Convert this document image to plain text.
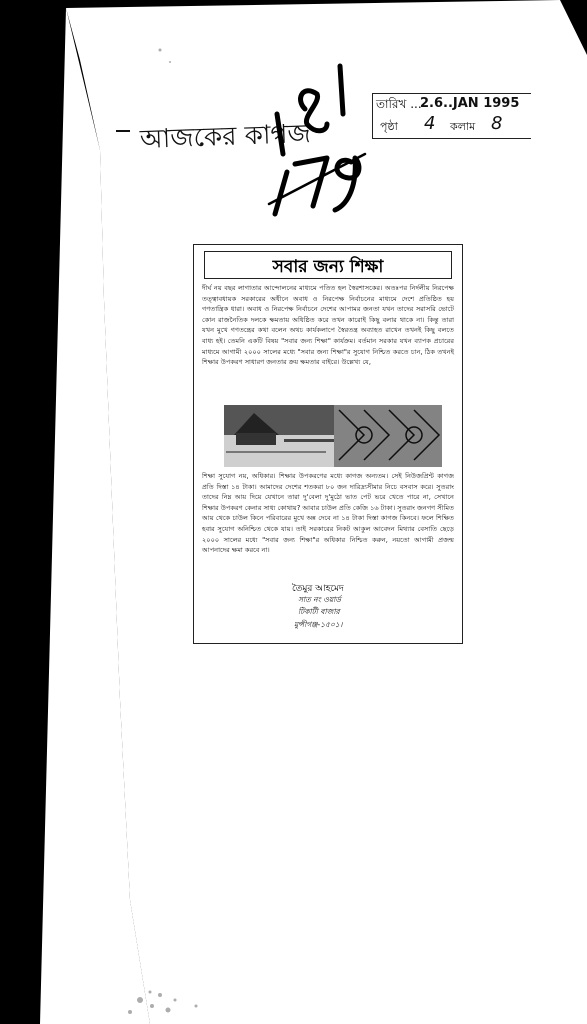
আজকের কাগজ
তারিখ ...
2.6..JAN 1995
পৃষ্ঠা 4 কলাম 8
সবার জন্য শিক্ষা
দীর্ঘ নয় বছর লাগাতার আন্দোলনের মাধ্যমে পতিত হল স্বৈরশাসকের। অতঃপর নির্দলীয় নিরপেক্ষ তত্ত্বাবধায়ক সরকারের অধীনে অবাধ ও নিরপেক্ষ নির্বাচনের মাধ্যমে দেশে প্রতিষ্ঠিত হয় গণতান্ত্রিক ধারা। অবাধ ও নিরপেক্ষ নির্বাচনে দেশের আপামর জনতা যখন তাদের সরাসরি ভোটে কোন রাজনৈতিক দলকে ক্ষমতায় অধিষ্ঠিত করে তখন কারোই কিছু বলার থাকে না। কিন্তু তারা যখন মুখে গণতন্ত্রের কথা বলেন অথচ কার্যকলাপে স্বৈরতন্ত্র অব্যাহত রাখেন তখনই কিছু বলতে বাধ্য হই। তেমনি একটি বিষয় "সবার জন্য শিক্ষা" কার্যক্রম। বর্তমান সরকার যখন ব্যাপক প্রচারের মাধ্যমে আগামী ২০০০ সালের মধ্যে "সবার জন্য শিক্ষা"র সুযোগ নিশ্চিত করতে চান, ঠিক তখনই শিক্ষার উপকরণ সাধারণ জনতার ক্রয় ক্ষমতার বাইরে। উল্লেখ্য যে,
শিক্ষা সুযোগ নয়, অধিকার। শিক্ষার উপকরণের মধ্যে কাগজ অন্যতম। সেই নিউজপ্রিন্ট কাগজ প্রতি দিস্তা ১৪ টাকা। আমাদের দেশের শতকরা ৮০ জন দারিদ্র্যসীমার নিচে বসবাস করে। সুতরাং তাদের নিম্ন আয় দিয়ে যেখানে তারা দু'বেলা দু'মুঠো ভাত পেট ভরে খেতে পারে না, সেখানে শিক্ষার উপকরণ কেনার সাধ্য কোথায়? আবার চাউল প্রতি কেজি ১৬ টাকা। সুতরাং জনগণ সীমিত আয় থেকে চাউল কিনে পরিবারের মুখে অন্ন দেবে না ১৪ টাকা দিস্তা কাগজ কিনবে। ফলে শিক্ষিত হবার সুযোগ অনিশ্চিত থেকে যায়। তাই সরকারের নিকট আকুল আবেদন মিথ্যার বেসাতি ছেড়ে ২০০০ সালের মধ্যে "সবার জন্য শিক্ষা"র অধিকার নিশ্চিত করুন, নয়তো আগামী প্রজন্ম আপনাদের ক্ষমা করবে না।
তৈমুর আহমেদ
সাত নং ওয়ার্ড
টিকাটী বাজার
মুন্সীগঞ্জ-১৫০১।
